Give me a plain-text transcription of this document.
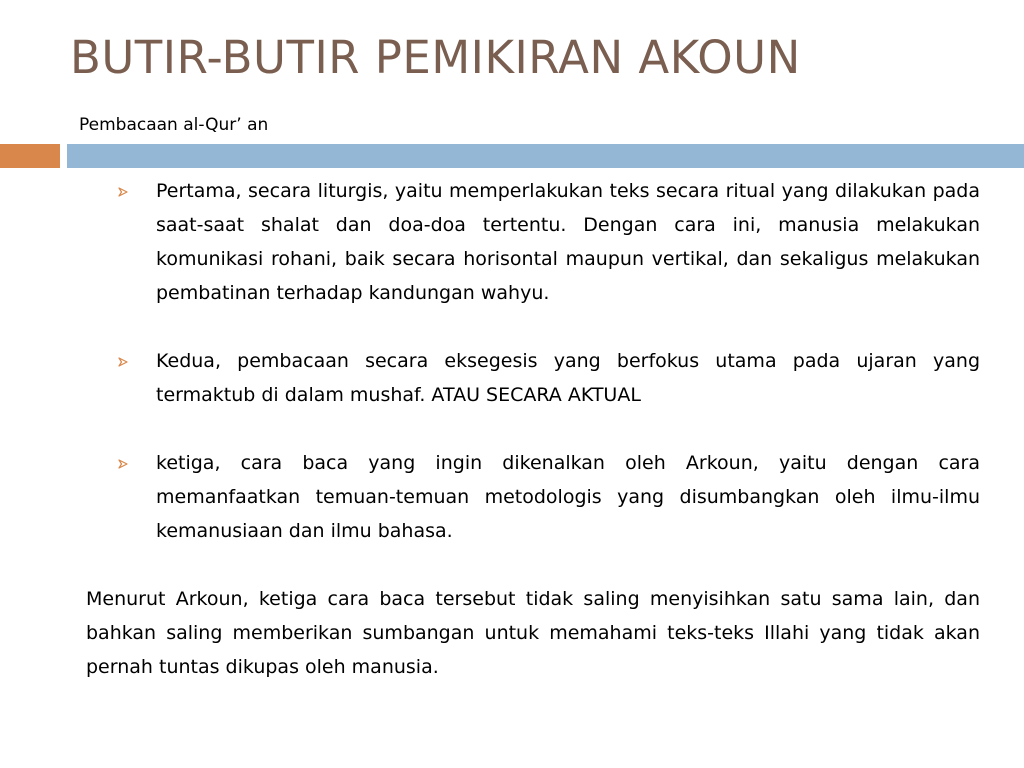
BUTIR-BUTIR PEMIKIRAN AKOUN
Pembacaan al-Qur’ an
Pertama, secara liturgis, yaitu memperlakukan teks secara ritual yang dilakukan pada saat-saat shalat dan doa-doa tertentu. Dengan cara ini, manusia melakukan komunikasi rohani, baik secara horisontal maupun vertikal, dan sekaligus melakukan pembatinan terhadap kandungan wahyu.
Kedua, pembacaan secara eksegesis yang berfokus utama pada ujaran yang termaktub di dalam mushaf. ATAU SECARA AKTUAL
ketiga, cara baca yang ingin dikenalkan oleh Arkoun, yaitu dengan cara memanfaatkan temuan-temuan metodologis yang disumbangkan oleh ilmu-ilmu kemanusiaan dan ilmu bahasa.
Menurut Arkoun, ketiga cara baca tersebut tidak saling menyisihkan satu sama lain, dan bahkan saling memberikan sumbangan untuk memahami teks-teks Illahi yang tidak akan pernah tuntas dikupas oleh manusia.
